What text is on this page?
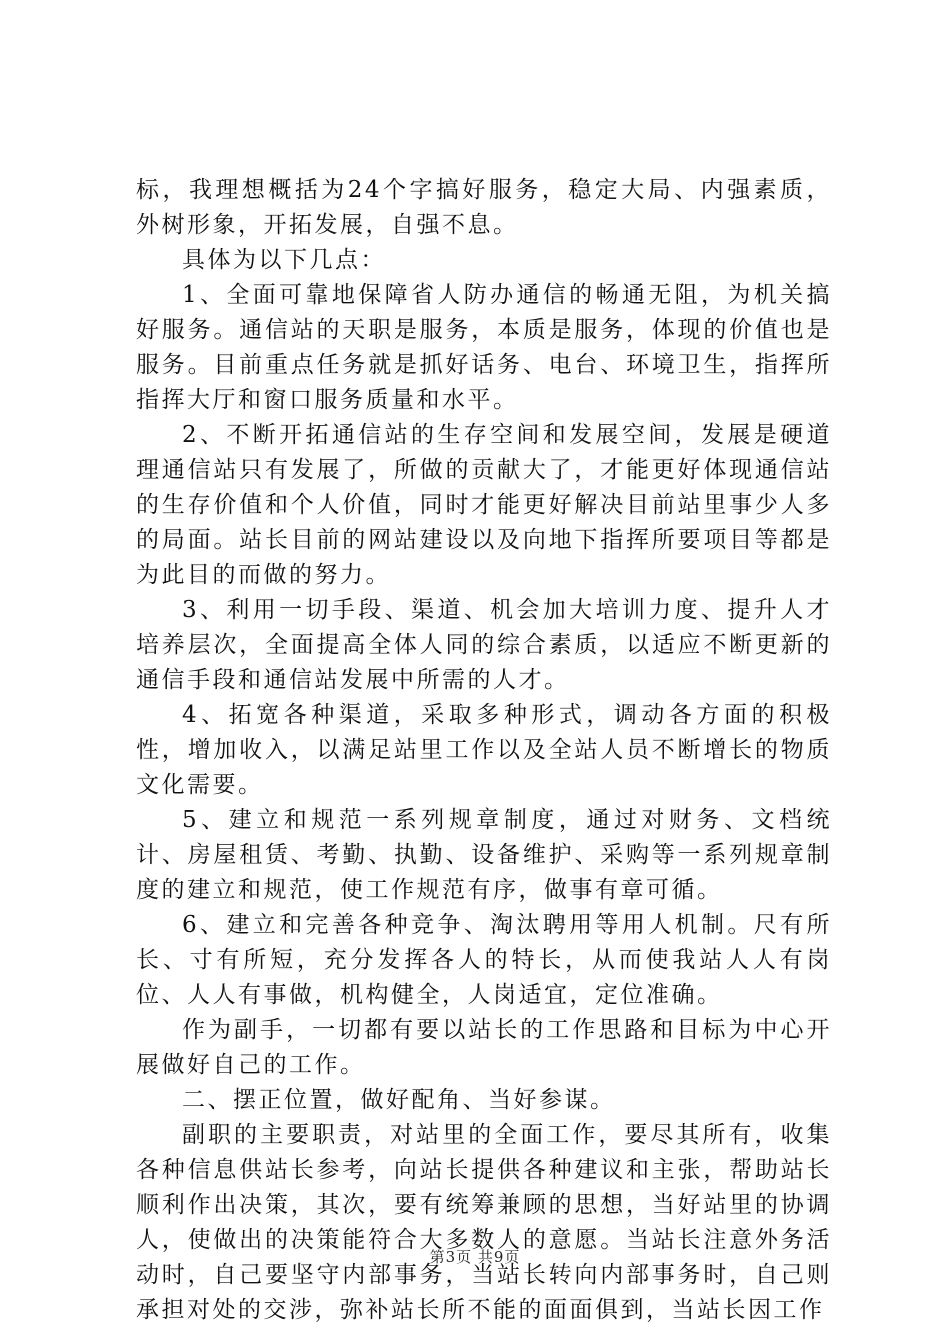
标，我理想概括为24个字搞好服务，稳定大局、内强素质，外树形象，开拓发展，自强不息。

具体为以下几点：

1、全面可靠地保障省人防办通信的畅通无阻，为机关搞好服务。通信站的天职是服务，本质是服务，体现的价值也是服务。目前重点任务就是抓好话务、电台、环境卫生，指挥所指挥大厅和窗口服务质量和水平。

2、不断开拓通信站的生存空间和发展空间，发展是硬道理通信站只有发展了，所做的贡献大了，才能更好体现通信站的生存价值和个人价值，同时才能更好解决目前站里事少人多的局面。站长目前的网站建设以及向地下指挥所要项目等都是为此目的而做的努力。

3、利用一切手段、渠道、机会加大培训力度、提升人才培养层次，全面提高全体人同的综合素质，以适应不断更新的通信手段和通信站发展中所需的人才。

4、拓宽各种渠道，采取多种形式，调动各方面的积极性，增加收入，以满足站里工作以及全站人员不断增长的物质文化需要。

5、建立和规范一系列规章制度，通过对财务、文档统计、房屋租赁、考勤、执勤、设备维护、采购等一系列规章制度的建立和规范，使工作规范有序，做事有章可循。

6、建立和完善各种竞争、淘汰聘用等用人机制。尺有所长、寸有所短，充分发挥各人的特长，从而使我站人人有岗位、人人有事做，机构健全，人岗适宜，定位准确。

作为副手，一切都有要以站长的工作思路和目标为中心开展做好自己的工作。

二、摆正位置，做好配角、当好参谋。

副职的主要职责，对站里的全面工作，要尽其所有，收集各种信息供站长参考，向站长提供各种建议和主张，帮助站长顺利作出决策，其次，要有统筹兼顾的思想，当好站里的协调人，使做出的决策能符合大多数人的意愿。当站长注意外务活动时，自己要坚守内部事务，当站长转向内部事务时，自己则承担对处的交涉，弥补站长所不能的面面俱到，当站长因工作

第3页 共9页
